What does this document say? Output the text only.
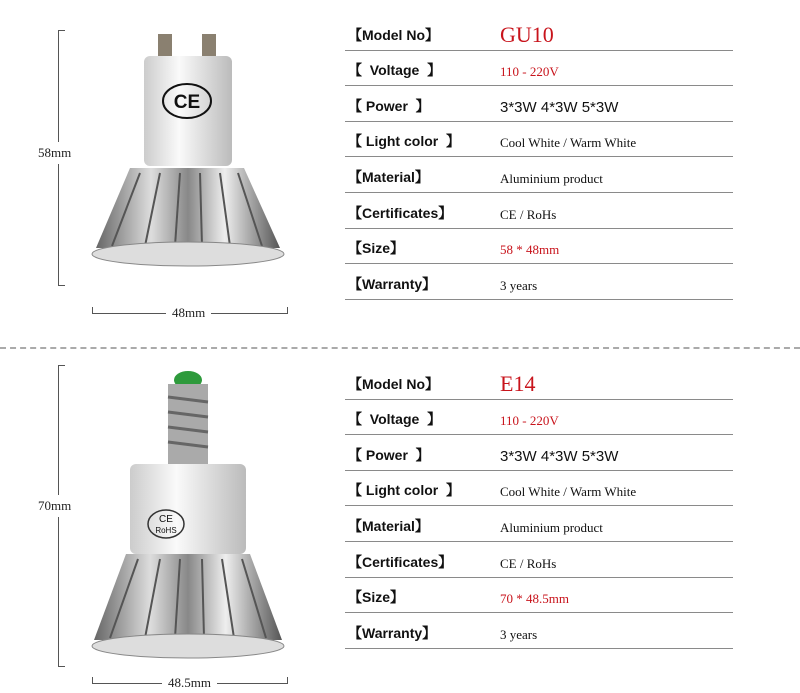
58mm
48mm
CE
【Model No】	GU10
【  Voltage  】	110 - 220V
【 Power  】	3*3W 4*3W 5*3W
【 Light color  】	Cool White / Warm White
【Material】	Aluminium product
【Certificates】	CE / RoHs
【Size】	58 * 48mm
【Warranty】	3 years
70mm
48.5mm
CE
RoHS
【Model No】	E14
【  Voltage  】	110 - 220V
【 Power  】	3*3W 4*3W 5*3W
【 Light color  】	Cool White / Warm White
【Material】	Aluminium product
【Certificates】	CE / RoHs
【Size】	70 * 48.5mm
【Warranty】	3 years
